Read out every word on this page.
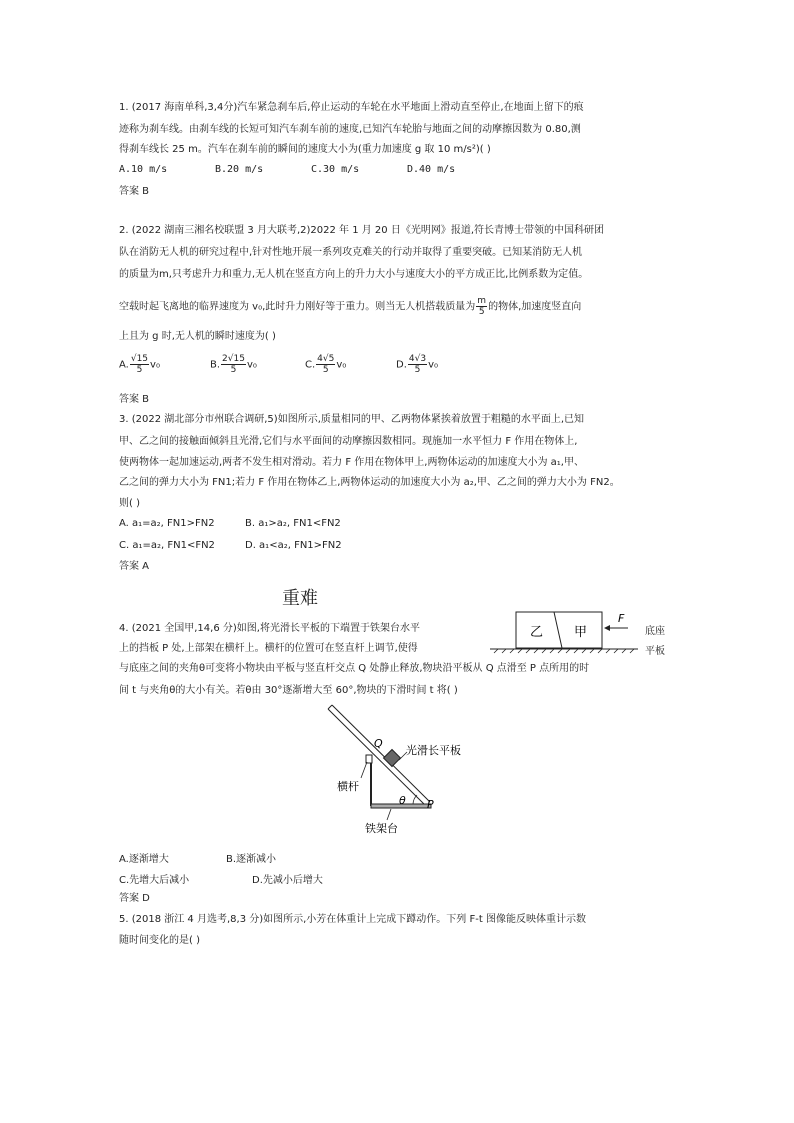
1. (2017 海南单科,3,4分)汽车紧急刹车后,停止运动的车轮在水平地面上滑动直至停止,在地面上留下的痕
迹称为刹车线。由刹车线的长短可知汽车刹车前的速度,已知汽车轮胎与地面之间的动摩擦因数为 0.80,测
得刹车线长 25 m。汽车在刹车前的瞬间的速度大小为(重力加速度 g 取 10 m/s²)( )
A.10 m/s	B.20 m/s	C.30 m/s	D.40 m/s
答案 B
2. (2022 湖南三湘名校联盟 3 月大联考,2)2022 年 1 月 20 日《光明网》报道,符长青博士带领的中国科研团
队在消防无人机的研究过程中,针对性地开展一系列攻克难关的行动并取得了重要突破。已知某消防无人机
的质量为m,只考虑升力和重力,无人机在竖直方向上的升力大小与速度大小的平方成正比,比例系数为定值。
空载时起飞离地的临界速度为 v₀,此时升力刚好等于重力。则当无人机搭载质量为 $\frac{m}{5}$ 的物体,加速度竖直向
上且为 g 时,无人机的瞬时速度为( )
A. $\frac{√15}{5} v_0$	B. $\frac{2√15}{5} v_0$	C. $\frac{4√5}{5} v_0$	D. $\frac{4√3}{5} v_0$
答案 B
3. (2022 湖北部分市州联合调研,5)如图所示,质量相同的甲、乙两物体紧挨着放置于粗糙的水平面上,已知
甲、乙之间的接触面倾斜且光滑,它们与水平面间的动摩擦因数相同。现施加一水平恒力 F 作用在物体上,
使两物体一起加速运动,两者不发生相对滑动。若力 F 作用在物体甲上,两物体运动的加速度大小为 a₁,甲、
乙之间的弹力大小为 FN1;若力 F 作用在物体乙上,两物体运动的加速度大小为 a₂,甲、乙之间的弹力大小为 FN2。
则( )
A. a₁=a₂, FN1>FN2	B. a₁>a₂, FN1<FN2
C. a₁=a₂, FN1<FN2	D. a₁<a₂, FN1>FN2
答案 A
重难
乙 甲
F
4. (2021 全国甲,14,6 分)如图,将光滑长平板的下端置于铁架台水平	底座
上的挡板 P 处,上部架在横杆上。横杆的位置可在竖直杆上调节,使得	平板
与底座之间的夹角θ可变将小物块由平板与竖直杆交点 Q 处静止释放,物块沿平板从 Q 点滑至 P 点所用的时
间 t 与夹角θ的大小有关。若θ由 30°逐渐增大至 60°,物块的下滑时间 t 将( )
θ
Q
P
光滑长平板
横杆
铁架台
A.逐渐增大	B.逐渐减小
C.先增大后减小	D.先减小后增大
答案 D
5. (2018 浙江 4 月选考,8,3 分)如图所示,小芳在体重计上完成下蹲动作。下列 F-t 图像能反映体重计示数
随时间变化的是( )
